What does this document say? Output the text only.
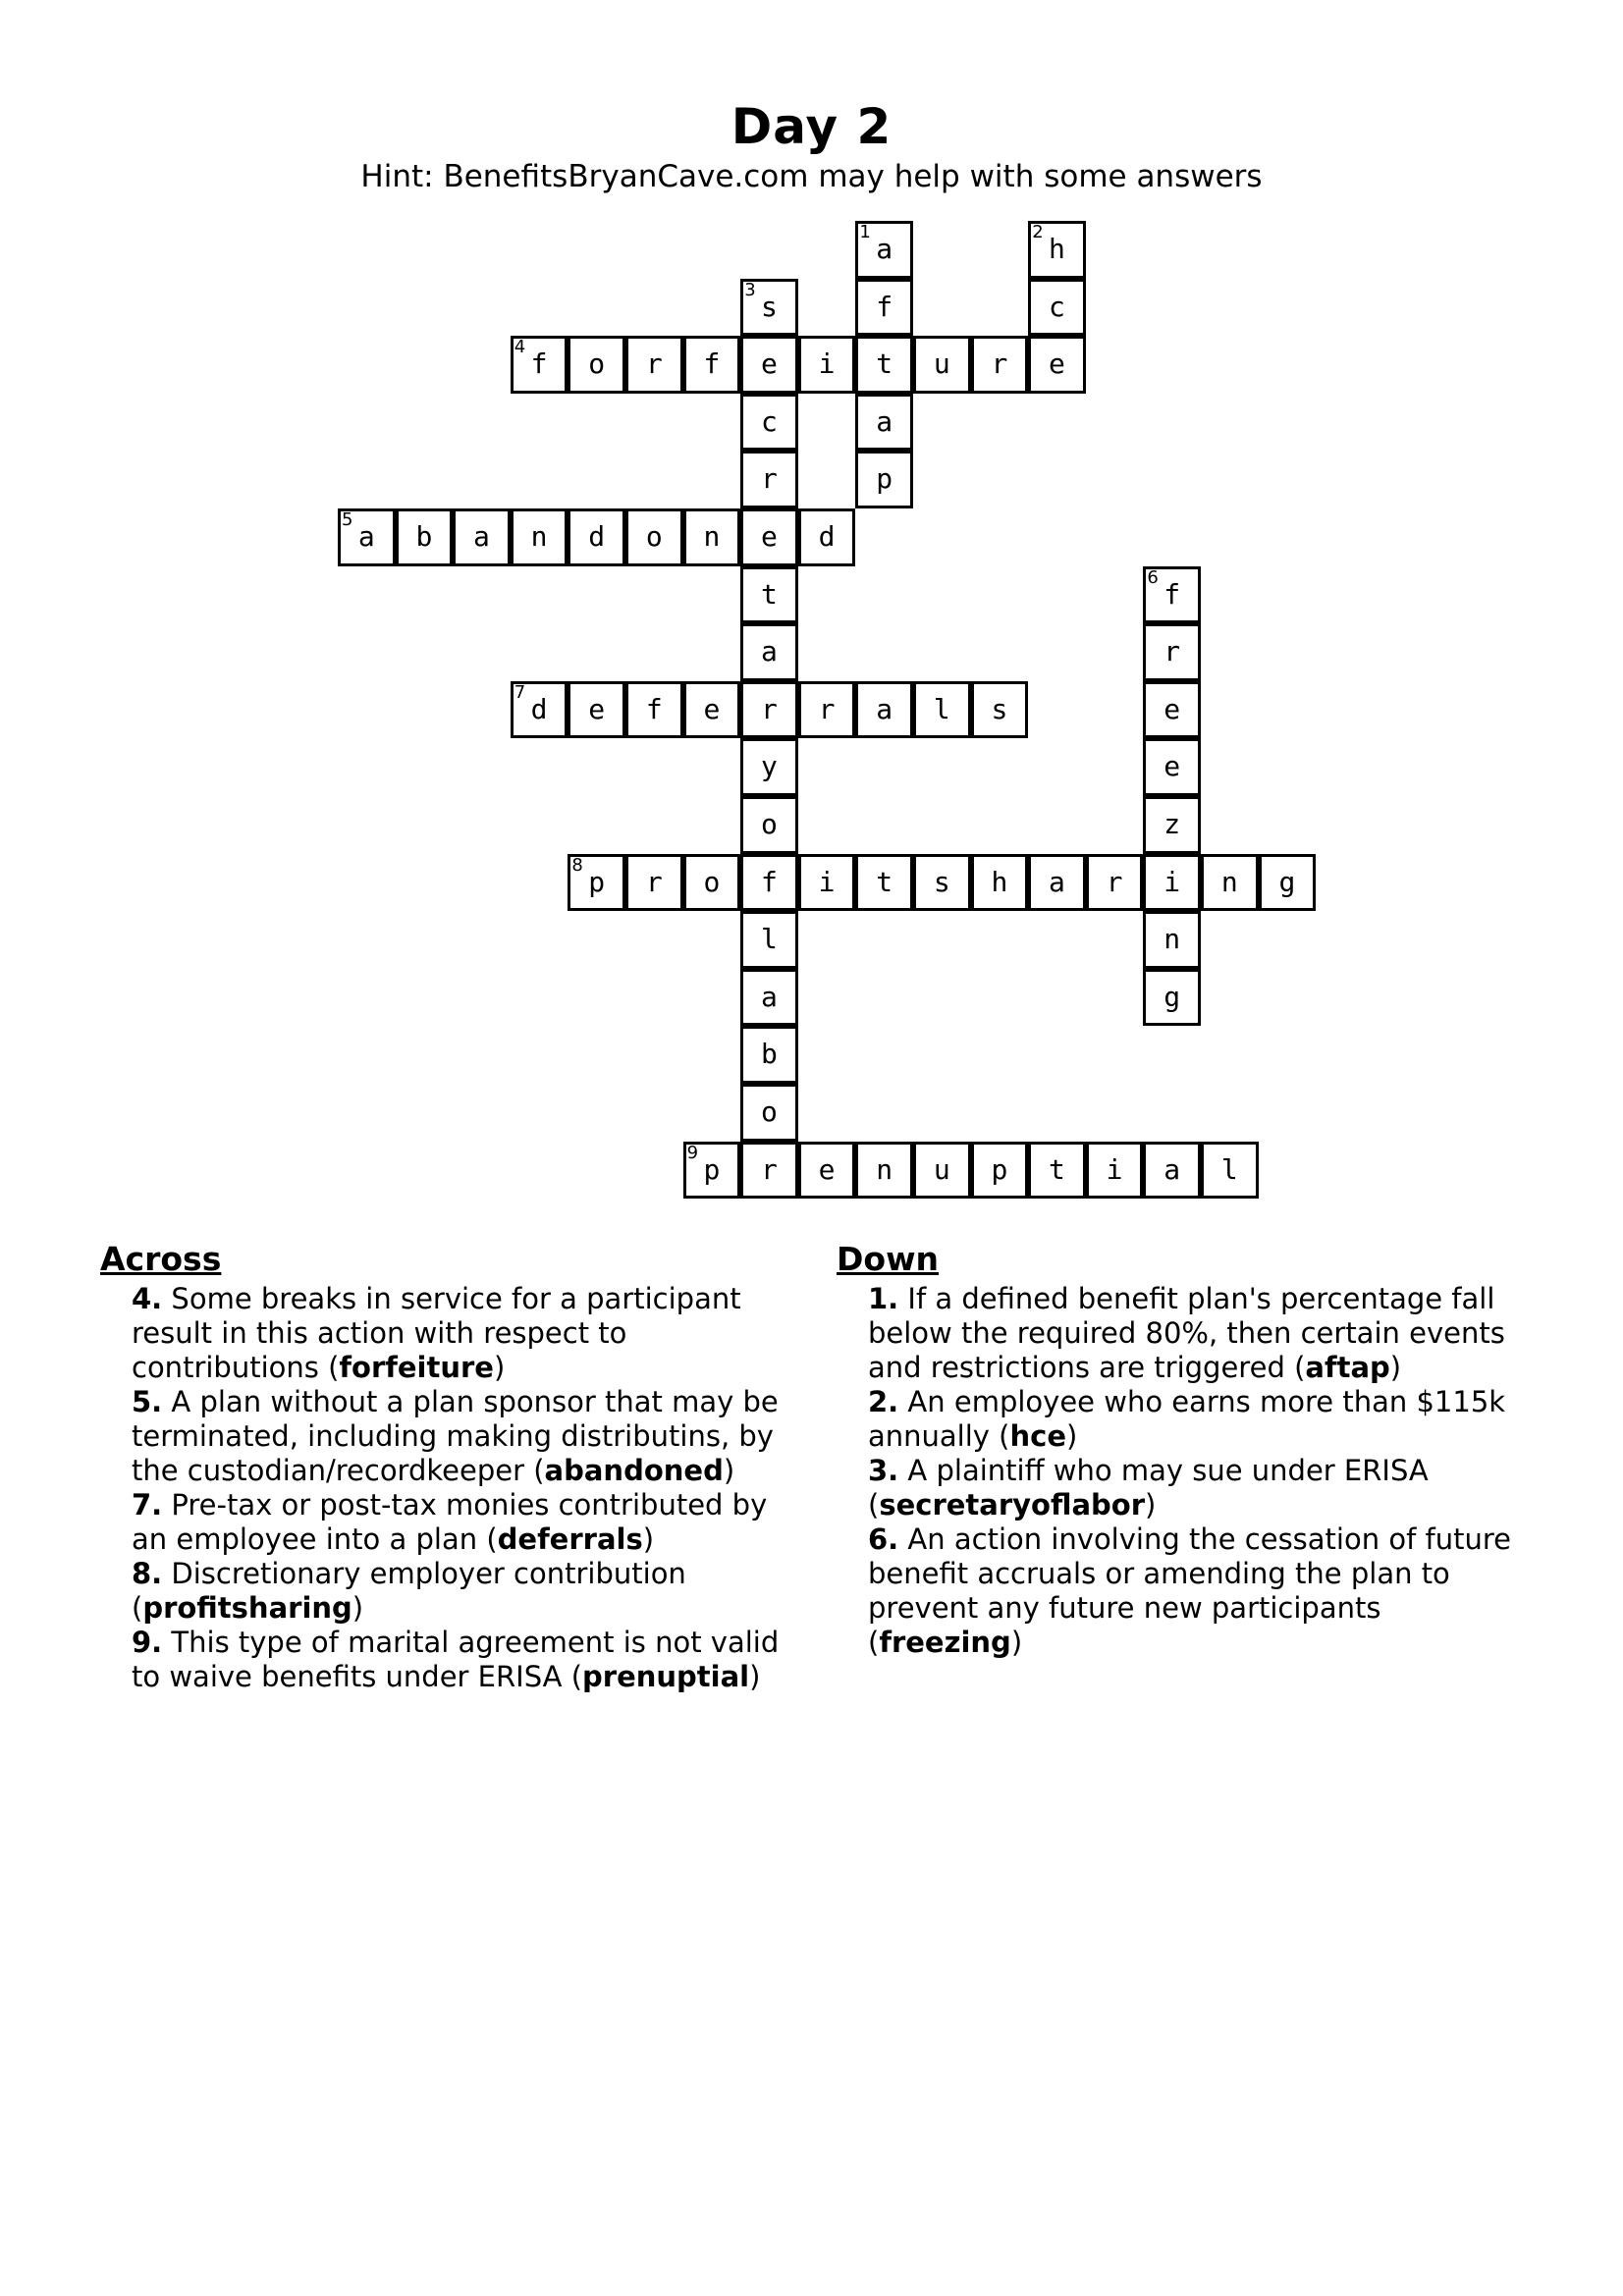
Day 2
Hint: BenefitsBryanCave.com may help with some answers
1
a
f
t
a
p
2
h
c
e
3
s
e
c
r
e
t
a
r
y
o
f
l
a
b
o
r
4
f	o	r	f	i	u	r
5
a	b	a	n	d	o	n	d
6
f
r
e
e
z
i
n
g
7
d	e	f	e	r	a	l	s
8
p	r	o	i	t	s	h	a	r	n	g
9
p	e	n	u	p	t	i	a	l
Across
4. Some breaks in service for a participant result in this action with respect to contributions (forfeiture)
5. A plan without a plan sponsor that may be terminated, including making distributins, by the custodian/recordkeeper (abandoned)
7. Pre-tax or post-tax monies contributed by an employee into a plan (deferrals)
8. Discretionary employer contribution (profitsharing)
9. This type of marital agreement is not valid to waive benefits under ERISA (prenuptial)
Down
1. If a defined benefit plan's percentage fall below the required 80%, then certain events and restrictions are triggered (aftap)
2. An employee who earns more than $115k annually (hce)
3. A plaintiff who may sue under ERISA (secretaryoflabor)
6. An action involving the cessation of future benefit accruals or amending the plan to prevent any future new participants (freezing)
